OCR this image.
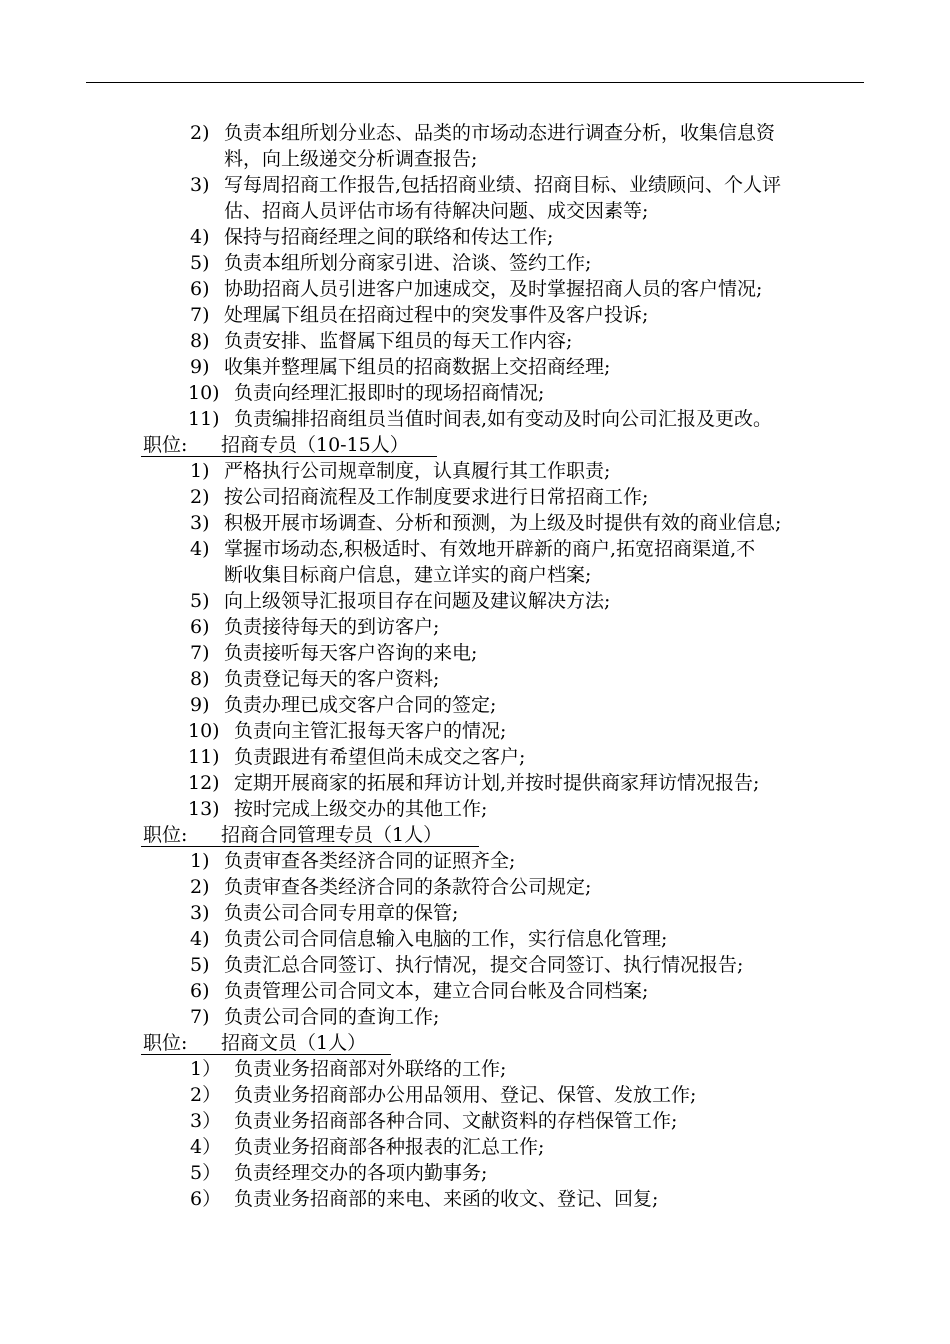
2) 负责本组所划分业态、品类的市场动态进行调查分析，收集信息资
料，向上级递交分析调查报告;
3) 写每周招商工作报告,包括招商业绩、招商目标、业绩顾问、个人评
估、招商人员评估市场有待解决问题、成交因素等;
4) 保持与招商经理之间的联络和传达工作;
5) 负责本组所划分商家引进、洽谈、签约工作;
6) 协助招商人员引进客户加速成交，及时掌握招商人员的客户情况;
7) 处理属下组员在招商过程中的突发事件及客户投诉;
8) 负责安排、监督属下组员的每天工作内容;
9) 收集并整理属下组员的招商数据上交招商经理;
10) 负责向经理汇报即时的现场招商情况;
11) 负责编排招商组员当值时间表,如有变动及时向公司汇报及更改。
职位: 招商专员（10-15人）
1) 严格执行公司规章制度，认真履行其工作职责;
2) 按公司招商流程及工作制度要求进行日常招商工作;
3) 积极开展市场调查、分析和预测，为上级及时提供有效的商业信息;
4) 掌握市场动态,积极适时、有效地开辟新的商户,拓宽招商渠道,不
断收集目标商户信息，建立详实的商户档案;
5) 向上级领导汇报项目存在问题及建议解决方法;
6) 负责接待每天的到访客户;
7) 负责接听每天客户咨询的来电;
8) 负责登记每天的客户资料;
9) 负责办理已成交客户合同的签定;
10) 负责向主管汇报每天客户的情况;
11) 负责跟进有希望但尚未成交之客户;
12) 定期开展商家的拓展和拜访计划,并按时提供商家拜访情况报告;
13) 按时完成上级交办的其他工作;
职位: 招商合同管理专员（1人）
1) 负责审查各类经济合同的证照齐全;
2) 负责审查各类经济合同的条款符合公司规定;
3) 负责公司合同专用章的保管;
4) 负责公司合同信息输入电脑的工作，实行信息化管理;
5) 负责汇总合同签订、执行情况，提交合同签订、执行情况报告;
6) 负责管理公司合同文本，建立合同台帐及合同档案;
7) 负责公司合同的查询工作;
职位: 招商文员（1人）
1） 负责业务招商部对外联络的工作;
2） 负责业务招商部办公用品领用、登记、保管、发放工作;
3） 负责业务招商部各种合同、文献资料的存档保管工作;
4） 负责业务招商部各种报表的汇总工作;
5） 负责经理交办的各项内勤事务;
6） 负责业务招商部的来电、来函的收文、登记、回复;
